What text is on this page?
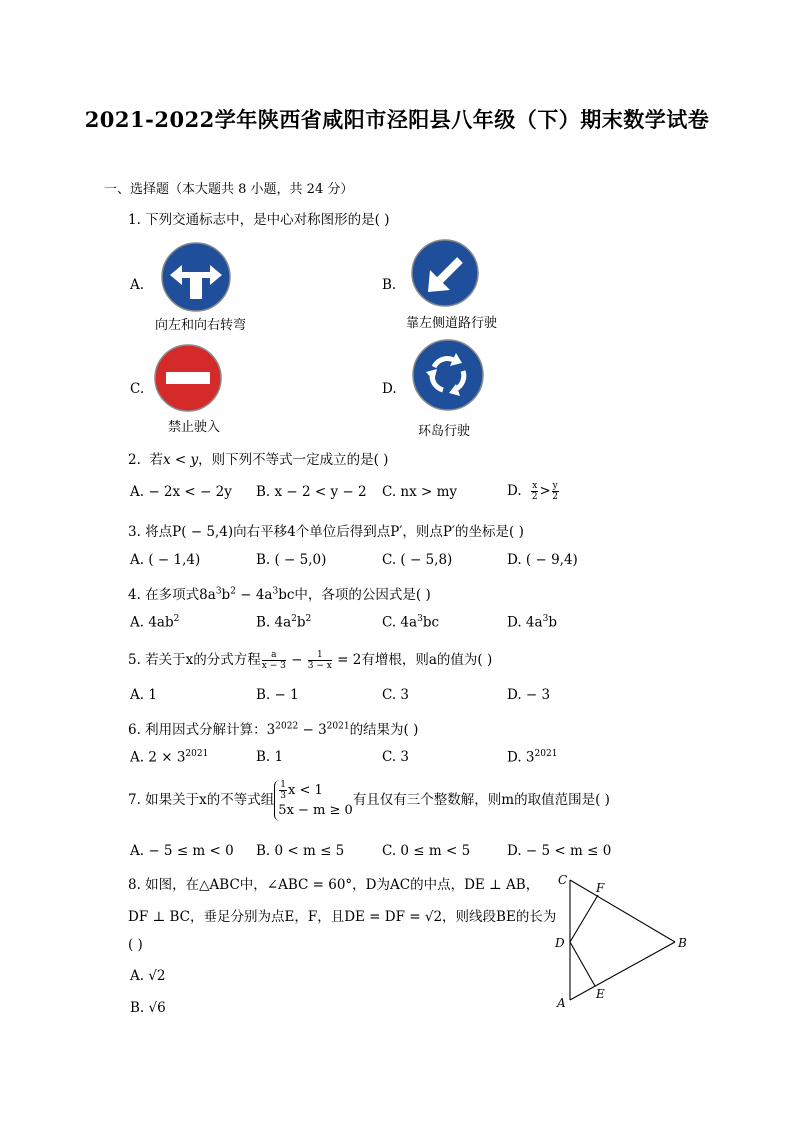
2021-2022学年陕西省咸阳市泾阳县八年级（下）期末数学试卷
一、选择题（本大题共 8 小题，共 24 分）
1. 下列交通标志中，是中心对称图形的是( )
A.
向左和向右转弯
B.
靠左侧道路行驶
C.
禁止驶入
D.
环岛行驶
2. 若x < y，则下列不等式一定成立的是( )
A. − 2x < − 2y B. x − 2 < y − 2 C. nx > my	D. $\frac{x}{2} > \frac{y}{2}$
3. 将点P( − 5,4)向右平移4个单位后得到点P′，则点P′的坐标是( )
A. ( − 1,4)	B. ( − 5,0)	C. ( − 5,8)	D. ( − 9,4)
4. 在多项式$8a^3b^2 - 4a^3bc$中，各项的公因式是( )
A. $4ab^2$	B. $4a^2b^2$	C. $4a^3bc$	D. $4a^3b$
5. 若关于x的分式方程 $\frac{a}{x - 3} - \frac{1}{3 - x} = 2$有增根，则a的值为( )
A. 1	B. − 1	C. 3	D. − 3
6. 利用因式分解计算：$3^{2022} - 3^{2021}$的结果为( )
A. $2 \times 3^{2021}$	B. 1	C. 3	D. $3^{2021}$
7. 如果关于x的不等式组 $\frac{1}{3}$ x < 1
5x − m ≥ 0
有且仅有三个整数解，则m的取值范围是( )
A. − 5 ≤ m < 0 B. 0 < m ≤ 5	C. 0 ≤ m < 5	D. − 5 < m ≤ 0
8. 如图，在△ABC中，∠ABC = 60°，D为AC的中点，DE ⊥ AB，
DF ⊥ BC，垂足分别为点E，F，且DE = DF = √2，则线段BE的长为
( )
A. √2
B. √6
C
F
D	B
A
E
